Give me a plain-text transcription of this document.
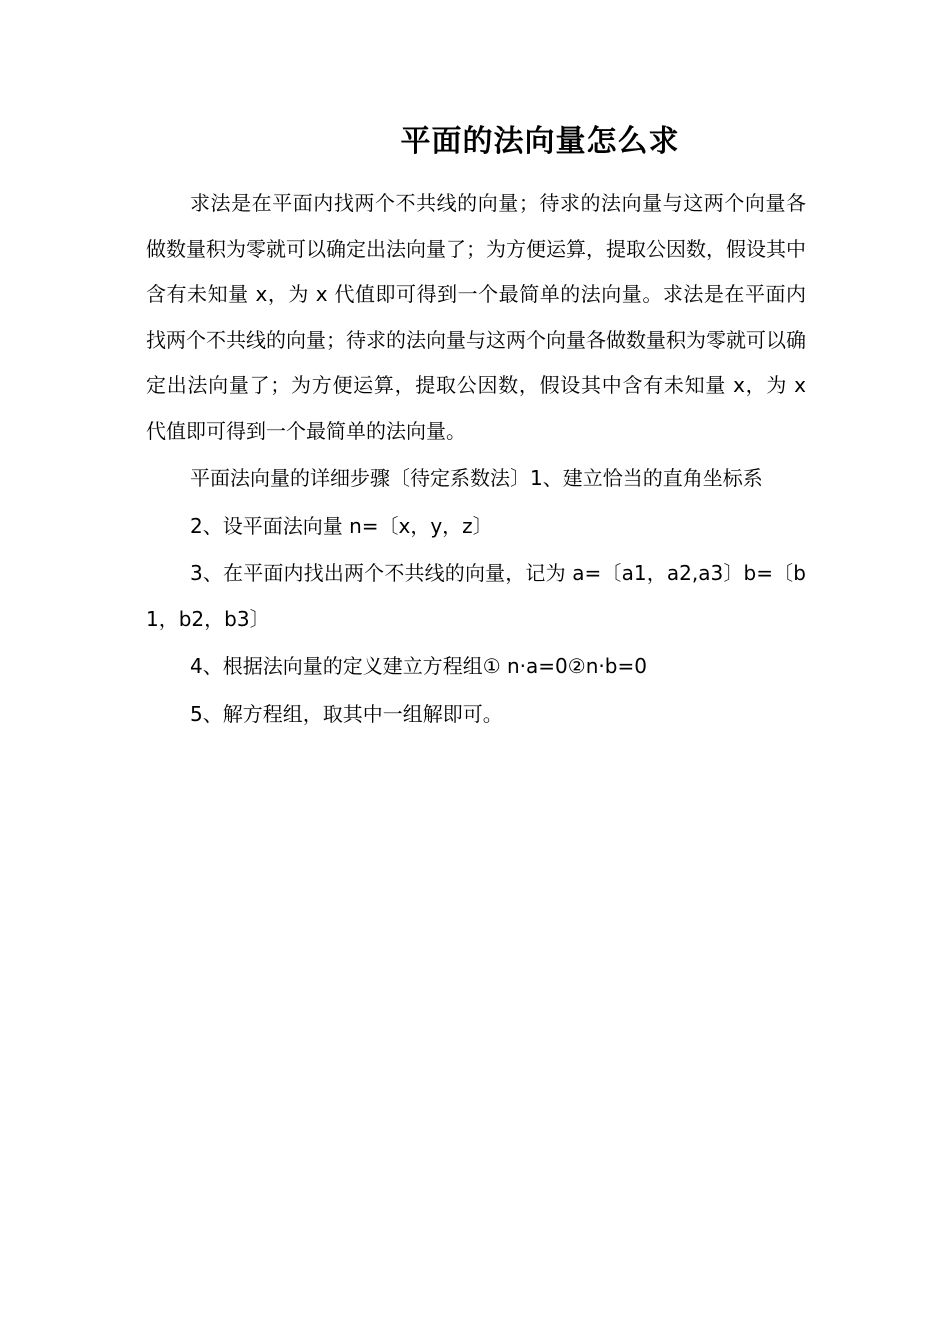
平面的法向量怎么求

求法是在平面内找两个不共线的向量；待求的法向量与这两个向量各做数量积为零就可以确定出法向量了；为方便运算，提取公因数，假设其中含有未知量 x，为 x 代值即可得到一个最简单的法向量。求法是在平面内找两个不共线的向量；待求的法向量与这两个向量各做数量积为零就可以确定出法向量了；为方便运算，提取公因数，假设其中含有未知量 x，为 x 代值即可得到一个最简单的法向量。

平面法向量的详细步骤〔待定系数法〕1、建立恰当的直角坐标系

2、设平面法向量 n=〔x，y，z〕

3、在平面内找出两个不共线的向量，记为 a=〔a1，a2,a3〕b=〔b1，b2，b3〕

4、根据法向量的定义建立方程组① n·a=0②n·b=0

5、解方程组，取其中一组解即可。
